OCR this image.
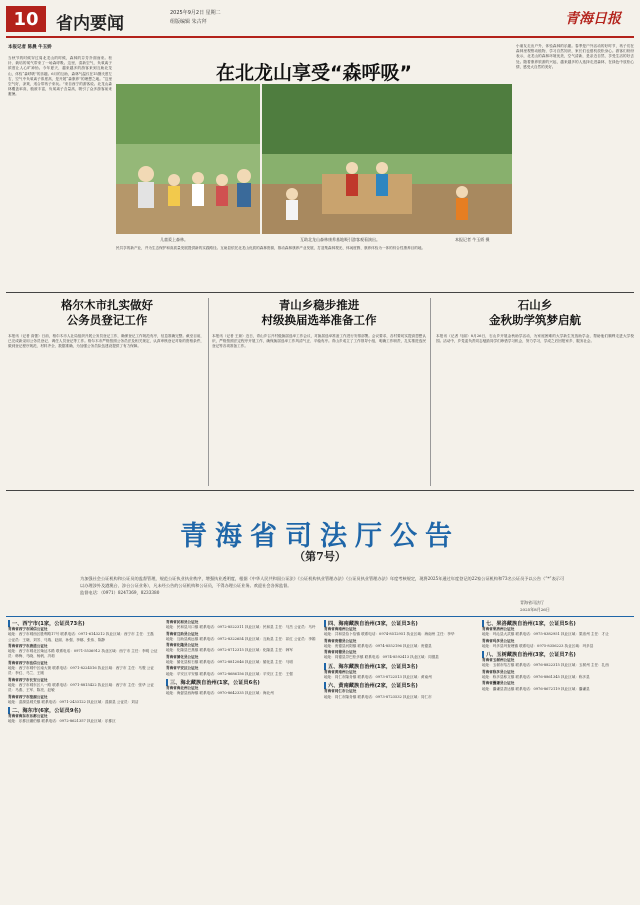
10	省内要闻
2025年9月2日 星期二
组版编辑 朱古拜	青海日报
本报记者 陈晨 牛玉娇
当秋节的时候穿过周北龙山的时候，森林的芬芳扑面而来。松针、栽培的氧气带来了一场森呼吸。这里，清新空气，负氧离子浓度让人心旷神怡。今年夏天，越来越多的游客来到互助北龙山，体验“森呼吸”的乐趣。6月的互助，森林气温仅在15摄氏度左右，空气中负氧离子浓度高，是开展“森康养”的理想之地。“这里空气好，凉爽，适合带孩子来玩。”来自西宁的游客说。北龙山森林覆盖率高，植被丰富，负氧离子含量高，吸引了众多游客前来避暑。
在北龙山享受“森呼吸”
儿童爱上森林。	互助北龙山森林康养基地吸引游客观看演出。	本报记者 牛玉娇 摄
民共享的新产业，并为生态保护和高质量发展提供新的实践路径。互助县依托北龙山优质的森林资源，推动森林康养产业发展，打造集森林观光、休闲度假、康养体验为一体的综合性康养目的地。
小朋友走出户外，体验森林的乐趣。春季是户外活动的好时节，孩子们在森林里观察动植物，学习自然知识，家长们也借机放松身心。游客们纷纷表示，北龙山的森林环境优美，空气清新，是亲近自然、享受生活的好去处。随着康养旅游的兴起，越来越多的人选择走进森林，在绿色中放松心情，感受大自然的美好。
格尔木市扎实做好
公务员登记工作
本报讯（记者 高蕾）日前，格尔木市人社局组织开展公务员登记工作，确保登记工作规范有序，信息准确完整。截至目前，已完成新录用公务员登记、调任人员登记等工作。格尔木市严格按照公务员法及相关规定，认真审核登记对象的资格条件，做到登记程序规范、材料齐全、数据准确，为加强公务员队伍建设提供了有力保障。
青山乡稳步推进
村级换届选举准备工作
本报讯（记者 王琼）近日，青山乡召开村级换届选举工作会议，对换届选举准备工作进行安排部署。会议要求，各村要切实提高思想认识，严格按照法定程序开展工作，确保换届选举工作风清气正、平稳有序。青山乡成立了工作领导小组，明确工作职责，扎实推进选民登记等各项准备工作。
石山乡
金秋助学筑梦启航
本报讯（记者 马丽）8月26日，石山乡开展金秋助学活动，为家庭困难的大学新生发放助学金，帮助他们顺利走进大学校园。活动中，乡党委负责同志勉励同学们珍惜学习机会，努力学习，学成之后回报家乡、服务社会。
青海省司法厅公告
（第7号）
为加强社会公证机构和公证员的监督管理，规范公证执业执业秩序，增强执业透明度，根据《中华人民共和国公证法》《公证机构执业管理办法》《公证员执业管理办法》年度考核规定，现将2025年通过年度登记的22家公证机构和73名公证员予以公告（“*”表示可以办理涉外及港澳台、涉台公证业务），凡未经公告的公证机构和公证员，不得办理公证业务。欢迎社会各界监督。
监督电话：（0971）8247369，8233380
青海省司法厅
2025年8月26日
一、西宁市(1家，公证员73名)
青海省西宁市国信公证处
地址：西宁市城西区胜利路17号 联系电话：0971-6143212 执业区域：西宁市 主任：王磊 公证员：王晓、刘芳、马瑞、赵丽、孙强、李娜、张伟、陈静
青海省西宁市唐道公证处
地址：西宁市城北区柴达木路 联系电话：0971-5536912 执业区域：西宁市 主任：李明 公证员：韩梅、马晓、杨帆、冯莉
青海省西宁市法信公证处
地址：西宁市城中区南大街 联系电话：0971-8224516 执业区域：西宁市 主任：马骏 公证员：李红、马兰、王刚
青海省西宁市长安公证处
地址：西宁市城东区八一路 联系电话：0971-8815422 执业区域：西宁市 主任：张华 公证员：马燕、王军、陈亮、赵敏
青海省西宁市湟源公证处
地址：湟源县城关镇 联系电话：0971-2433122 执业区域：湟源县 公证员：刘洁
二、海东市(6家，公证员9名)
青海省海东市乐都公证处
地址：乐都区碾伯镇 联系电话：0972-8621357 执业区域：乐都区
青海省民和县公证处
地址：民和县川口镇 联系电话：0972-8522311 执业区域：民和县 主任：马杰 公证员：马玲
青海省互助县公证处
地址：互助县威远镇 联系电话：0972-8322654 执业区域：互助县 主任：祁红 公证员：李娟
青海省化隆县公证处
地址：化隆县巴燕镇 联系电话：0972-8712315 执业区域：化隆县 主任：韩军
青海省循化县公证处
地址：循化县积石镇 联系电话：0972-8812046 执业区域：循化县 主任：马明
青海省平安区公证处
地址：平安区平安镇 联系电话：0972-8686156 执业区域：平安区 主任：王强
三、海北藏族自治州(1家，公证员6名)
青海省海北州公证处
地址：海晏县西海镇 联系电话：0970-8642335 执业区域：海北州
四、海南藏族自治州(3家，公证员3名)
青海省海南州公证处
地址：共和县恰卜恰镇 联系电话：0974-8512951 执业区域：海南州 主任：李华
青海省贵德县公证处
地址：贵德县河阴镇 联系电话：0974-8552196 执业区域：贵德县
青海省同德县公证处
地址：同德县尕巴松多镇 联系电话：0974-8592413 执业区域：同德县
五、海东藏族自治州(1家，公证员3名)
青海省黄南州公证处
地址：同仁市隆务镇 联系电话：0973-8722513 执业区域：黄南州
六、黄南藏族自治州(2家，公证员5名)
青海省同仁市公证处
地址：同仁市隆务镇 联系电话：0973-8723532 执业区域：同仁市
七、果洛藏族自治州(1家，公证员5名)
青海省果洛州公证处
地址：玛沁县大武镇 联系电话：0975-8382951 执业区域：果洛州 主任：才让
青海省玛多县公证处
地址：玛多县玛查理镇 联系电话：0975-8356223 执业区域：玛多县
八、玉树藏族自治州(3家，公证员7名)
青海省玉树州公证处
地址：玉树市结古镇 联系电话：0976-8822315 执业区域：玉树州 主任：扎西
青海省称多县公证处
地址：称多县称文镇 联系电话：0976-8861345 执业区域：称多县
青海省囊谦县公证处
地址：囊谦县香达镇 联系电话：0976-8672119 执业区域：囊谦县
